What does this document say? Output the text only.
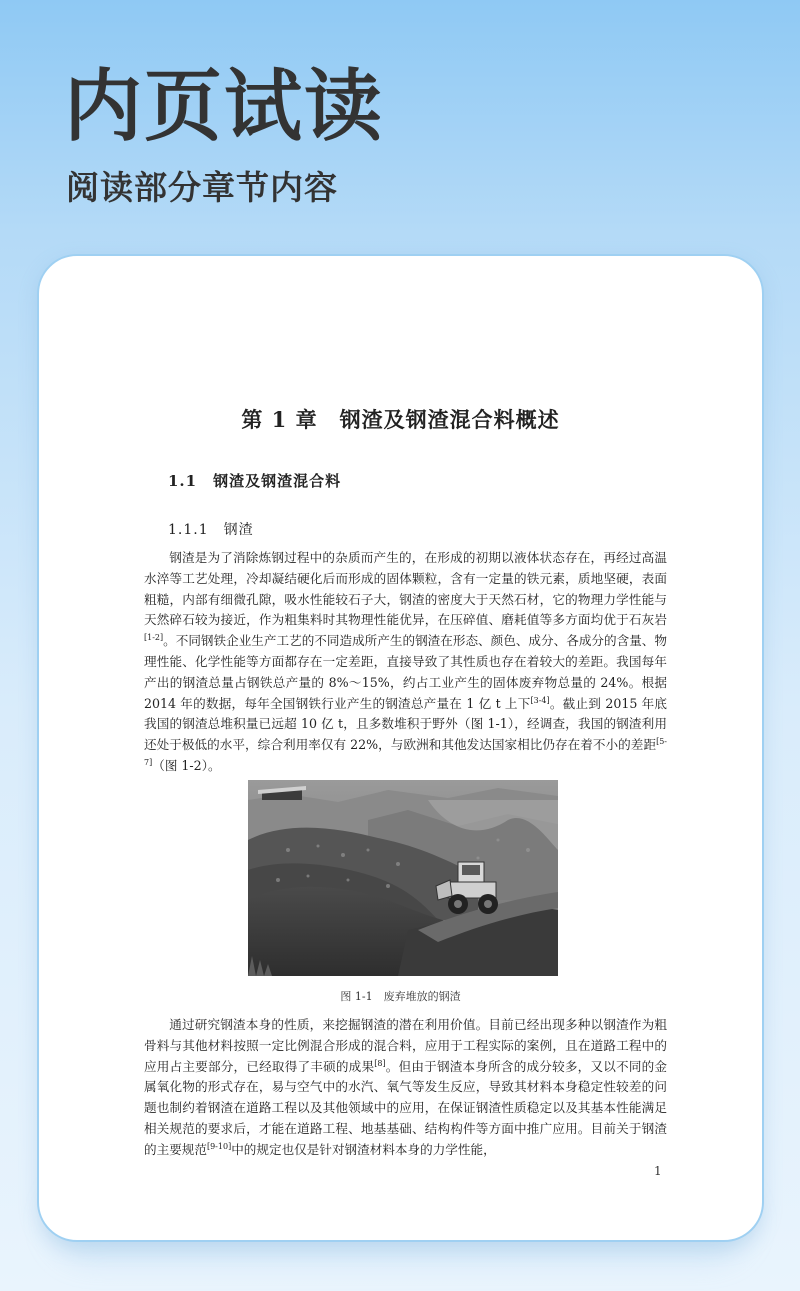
内页试读
阅读部分章节内容
第 1 章　钢渣及钢渣混合料概述
1.1　钢渣及钢渣混合料
1.1.1　钢渣

钢渣是为了消除炼钢过程中的杂质而产生的，在形成的初期以液体状态存在，再经过高温水淬等工艺处理，冷却凝结硬化后而形成的固体颗粒，含有一定量的铁元素，质地坚硬，表面粗糙，内部有细微孔隙，吸水性能较石子大，钢渣的密度大于天然石材，它的物理力学性能与天然碎石较为接近，作为粗集料时其物理性能优异，在压碎值、磨耗值等多方面均优于石灰岩[1-2]。不同钢铁企业生产工艺的不同造成所产生的钢渣在形态、颜色、成分、各成分的含量、物理性能、化学性能等方面都存在一定差距，直接导致了其性质也存在着较大的差距。我国每年产出的钢渣总量占钢铁总产量的 8%～15%，约占工业产生的固体废弃物总量的 24%。根据 2014 年的数据，每年全国钢铁行业产生的钢渣总产量在 1 亿 t 上下[3-4]。截止到 2015 年底我国的钢渣总堆积量已远超 10 亿 t，且多数堆积于野外（图 1-1），经调查，我国的钢渣利用还处于极低的水平，综合利用率仅有 22%，与欧洲和其他发达国家相比仍存在着不小的差距[5-7]（图 1-2）。

图 1-1　废弃堆放的钢渣

通过研究钢渣本身的性质，来挖掘钢渣的潜在利用价值。目前已经出现多种以钢渣作为粗骨料与其他材料按照一定比例混合形成的混合料，应用于工程实际的案例，且在道路工程中的应用占主要部分，已经取得了丰硕的成果[8]。但由于钢渣本身所含的成分较多，又以不同的金属氧化物的形式存在，易与空气中的水汽、氧气等发生反应，导致其材料本身稳定性较差的问题也制约着钢渣在道路工程以及其他领域中的应用，在保证钢渣性质稳定以及其基本性能满足相关规范的要求后，才能在道路工程、地基基础、结构构件等方面中推广应用。目前关于钢渣的主要规范[9-10]中的规定也仅是针对钢渣材料本身的力学性能，

1
